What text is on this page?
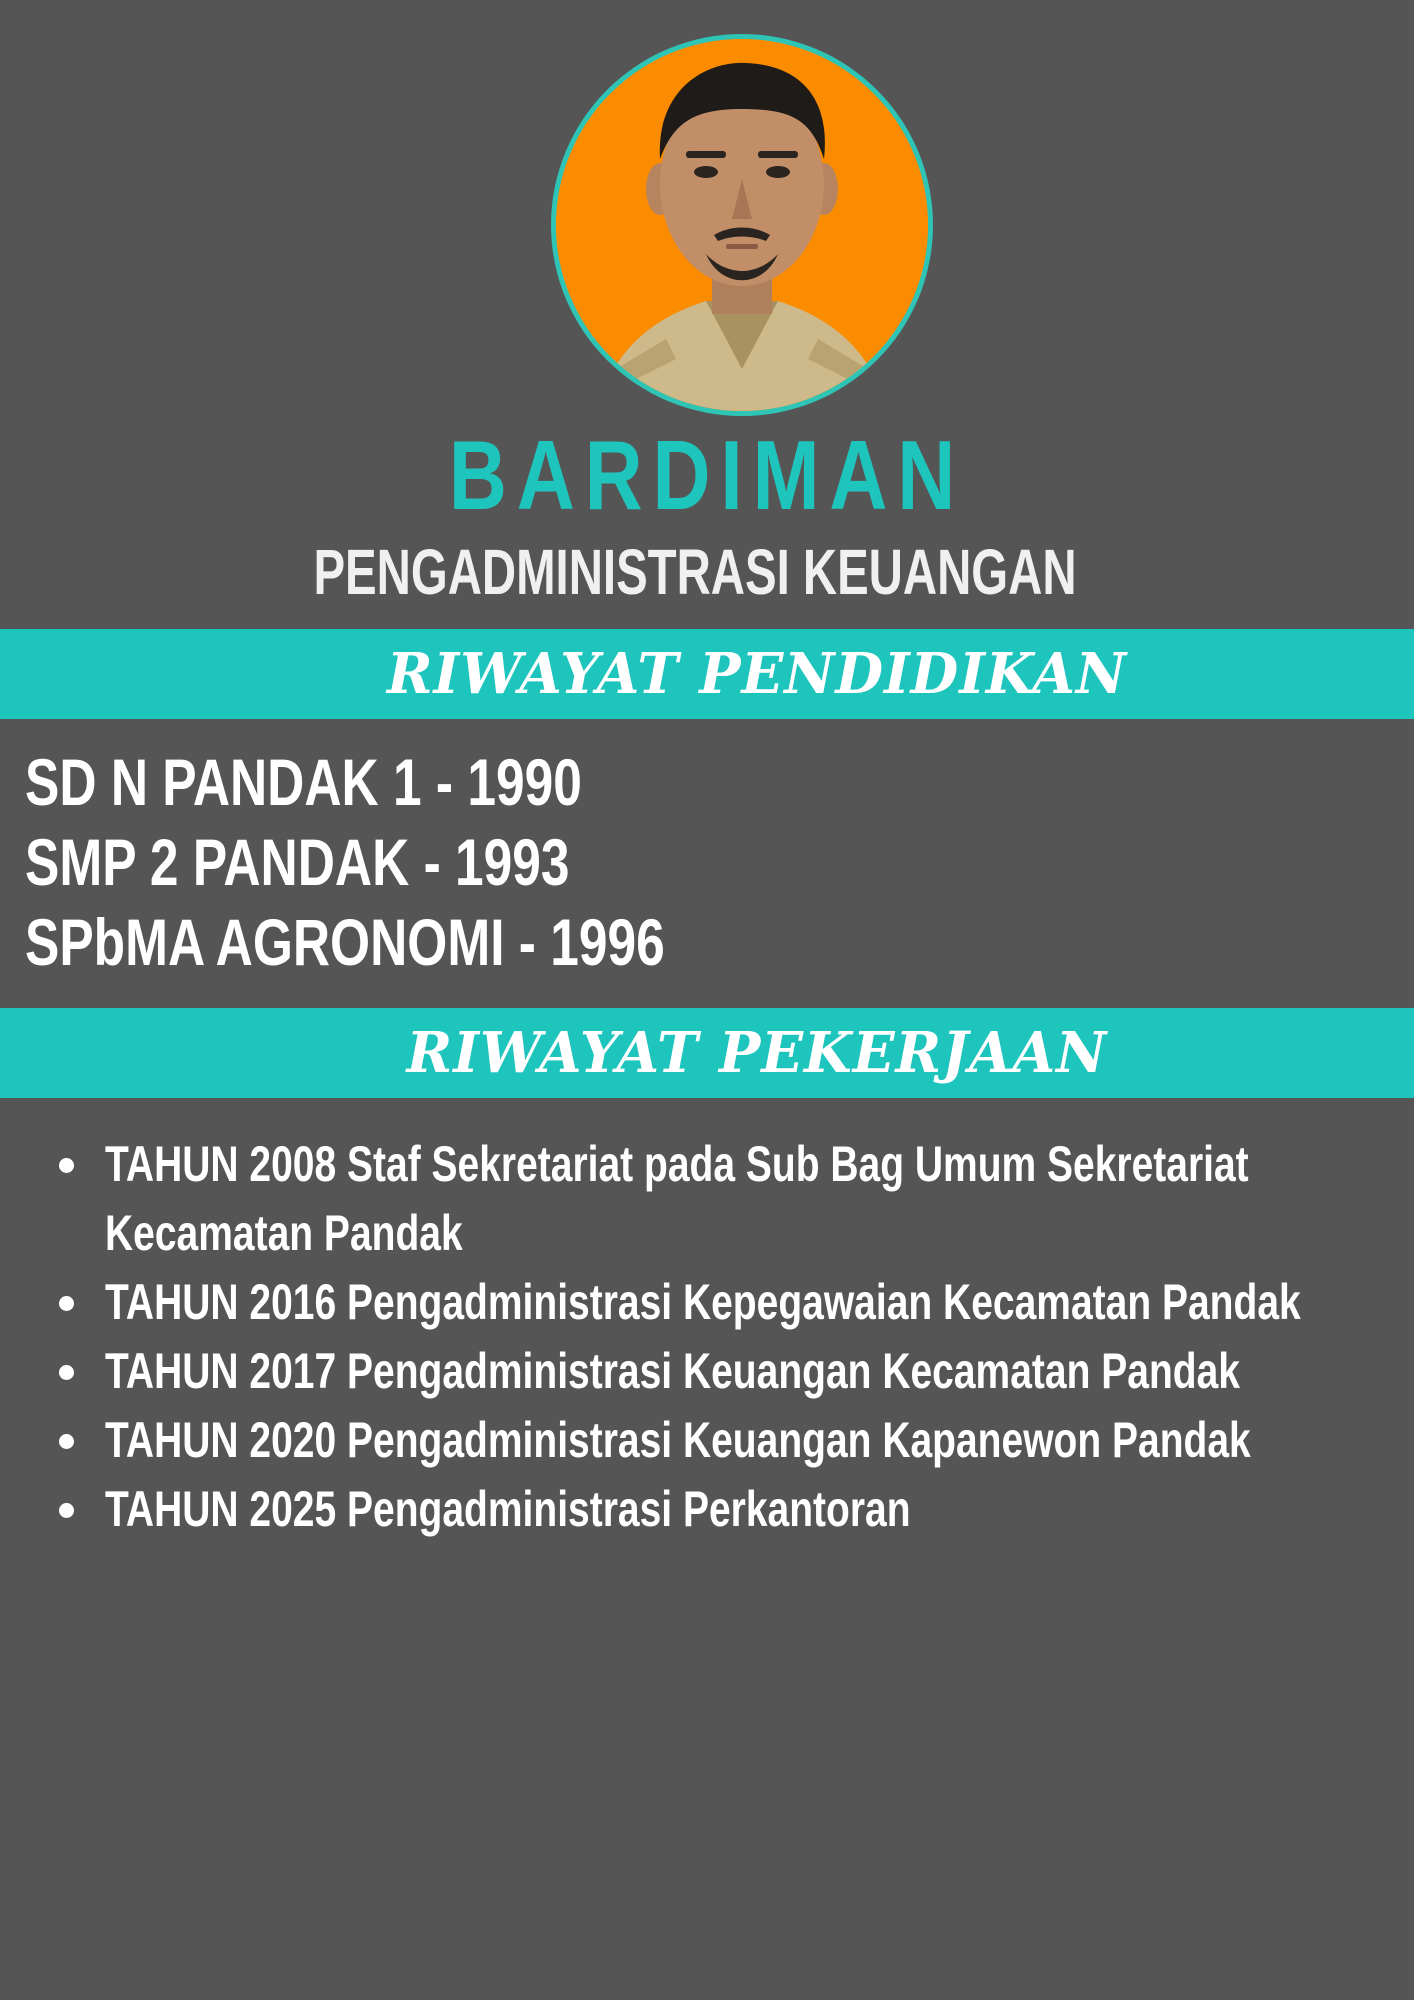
BARDIMAN
PENGADMINISTRASI KEUANGAN
RIWAYAT PENDIDIKAN
SD N PANDAK 1 - 1990
SMP 2 PANDAK - 1993
SPbMA AGRONOMI - 1996
RIWAYAT PEKERJAAN
TAHUN 2008 Staf Sekretariat pada Sub Bag Umum Sekretariat Kecamatan Pandak
TAHUN 2016 Pengadministrasi Kepegawaian Kecamatan Pandak
TAHUN 2017 Pengadministrasi Keuangan Kecamatan Pandak
TAHUN 2020 Pengadministrasi Keuangan Kapanewon Pandak
TAHUN 2025 Pengadministrasi Perkantoran
